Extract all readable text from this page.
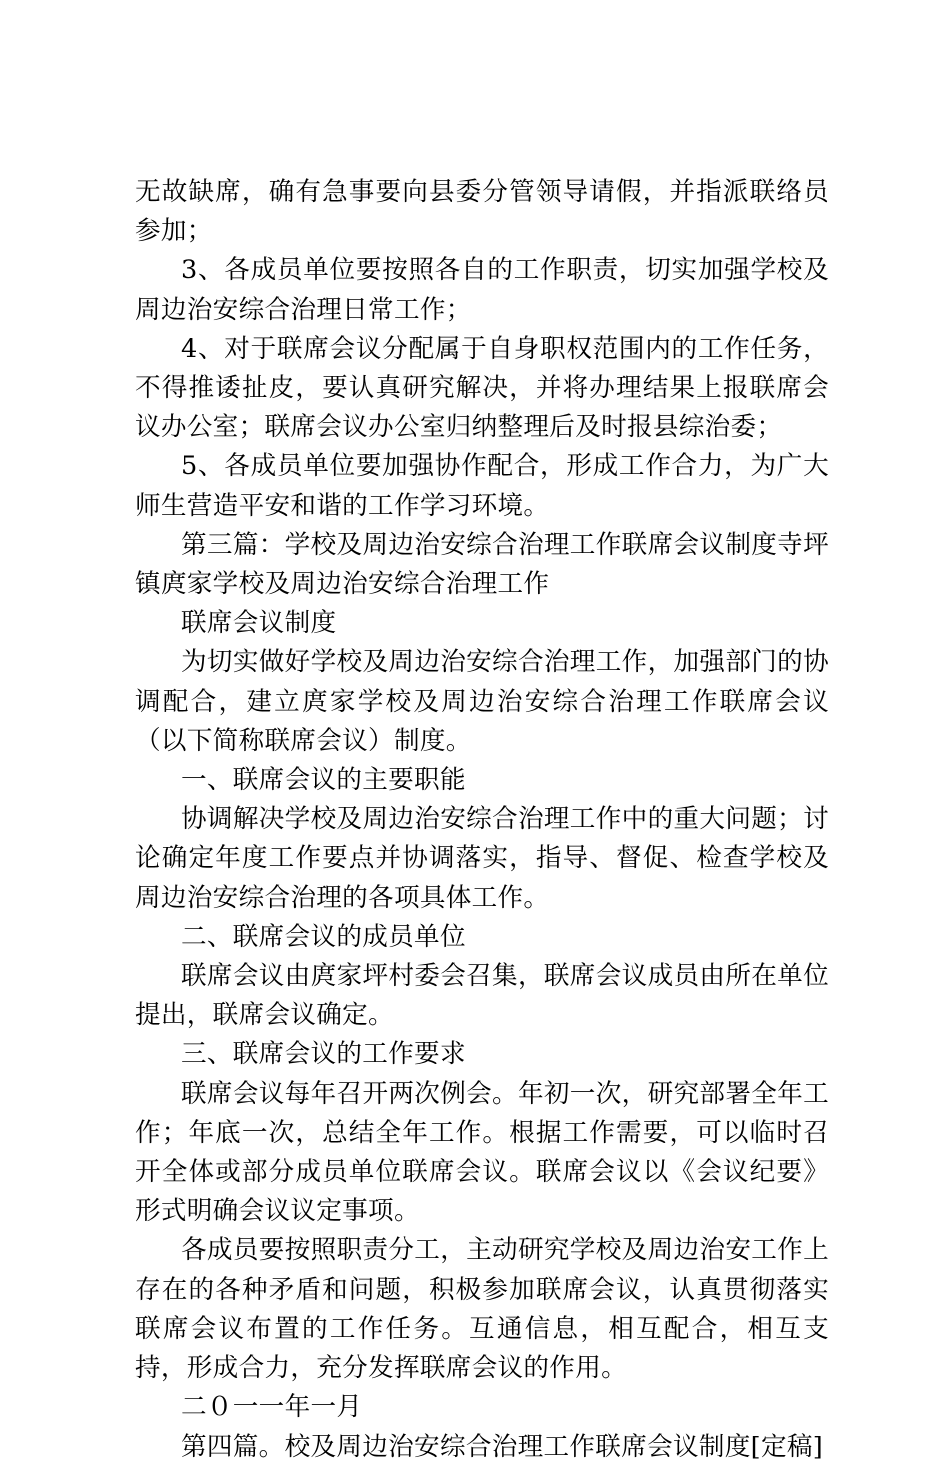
无故缺席，确有急事要向县委分管领导请假，并指派联络员参加；

3、各成员单位要按照各自的工作职责，切实加强学校及周边治安综合治理日常工作；

4、对于联席会议分配属于自身职权范围内的工作任务，不得推诿扯皮，要认真研究解决，并将办理结果上报联席会议办公室；联席会议办公室归纳整理后及时报县综治委；

5、各成员单位要加强协作配合，形成工作合力，为广大师生营造平安和谐的工作学习环境。

第三篇：学校及周边治安综合治理工作联席会议制度寺坪镇庹家学校及周边治安综合治理工作

联席会议制度

为切实做好学校及周边治安综合治理工作，加强部门的协调配合，建立庹家学校及周边治安综合治理工作联席会议（以下简称联席会议）制度。

一、联席会议的主要职能

协调解决学校及周边治安综合治理工作中的重大问题；讨论确定年度工作要点并协调落实，指导、督促、检查学校及周边治安综合治理的各项具体工作。

二、联席会议的成员单位

联席会议由庹家坪村委会召集，联席会议成员由所在单位提出，联席会议确定。

三、联席会议的工作要求

联席会议每年召开两次例会。年初一次，研究部署全年工作；年底一次，总结全年工作。根据工作需要，可以临时召开全体或部分成员单位联席会议。联席会议以《会议纪要》形式明确会议议定事项。

各成员要按照职责分工，主动研究学校及周边治安工作上存在的各种矛盾和问题，积极参加联席会议，认真贯彻落实联席会议布置的工作任务。互通信息，相互配合，相互支持，形成合力，充分发挥联席会议的作用。

二０一一年一月

第四篇。校及周边治安综合治理工作联席会议制度[定稿]
